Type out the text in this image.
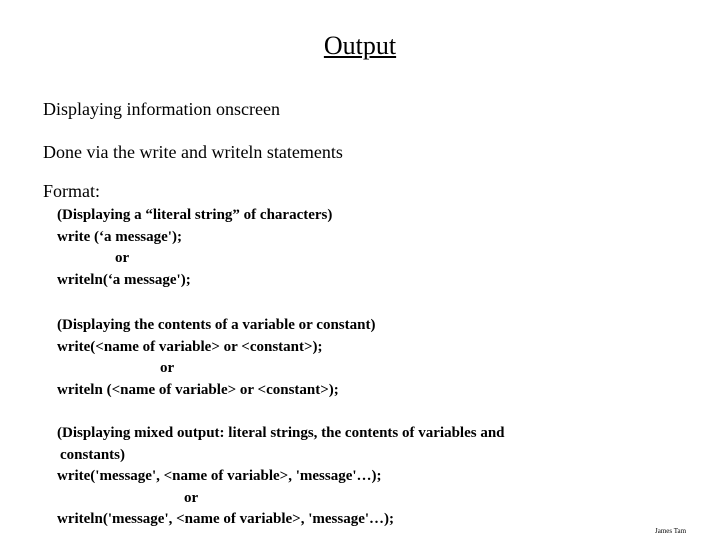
Output
Displaying information onscreen
Done via the write and writeln statements
Format:
(Displaying a “literal string” of characters)
write (‘a message');
or
writeln(‘a message');
(Displaying the contents of a variable or constant)
write(<name of variable> or <constant>);
or
writeln (<name of variable> or <constant>);
(Displaying mixed output: literal strings, the contents of variables and
constants)
write('message', <name of variable>, 'message'…);
or
writeln('message', <name of variable>, 'message'…);
James Tam
